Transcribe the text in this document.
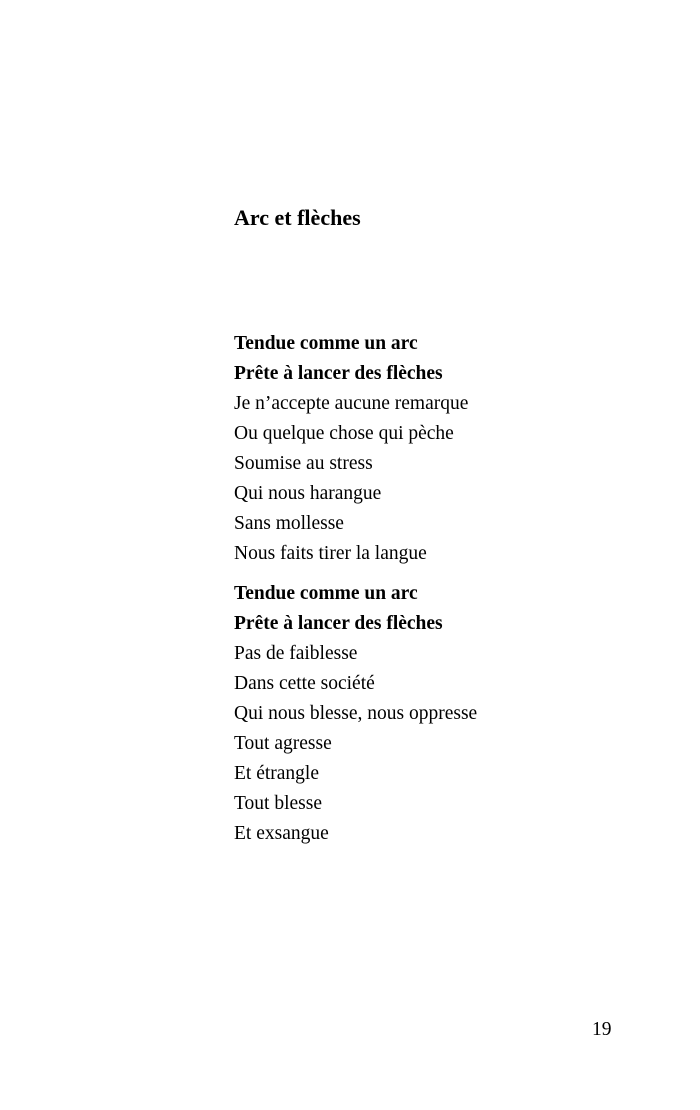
Arc et flèches
Tendue comme un arc
Prête à lancer des flèches
Je n’accepte aucune remarque
Ou quelque chose qui pèche
Soumise au stress
Qui nous harangue
Sans mollesse
Nous faits tirer la langue
Tendue comme un arc
Prête à lancer des flèches
Pas de faiblesse
Dans cette société
Qui nous blesse, nous oppresse
Tout agresse
Et étrangle
Tout blesse
Et exsangue
19
